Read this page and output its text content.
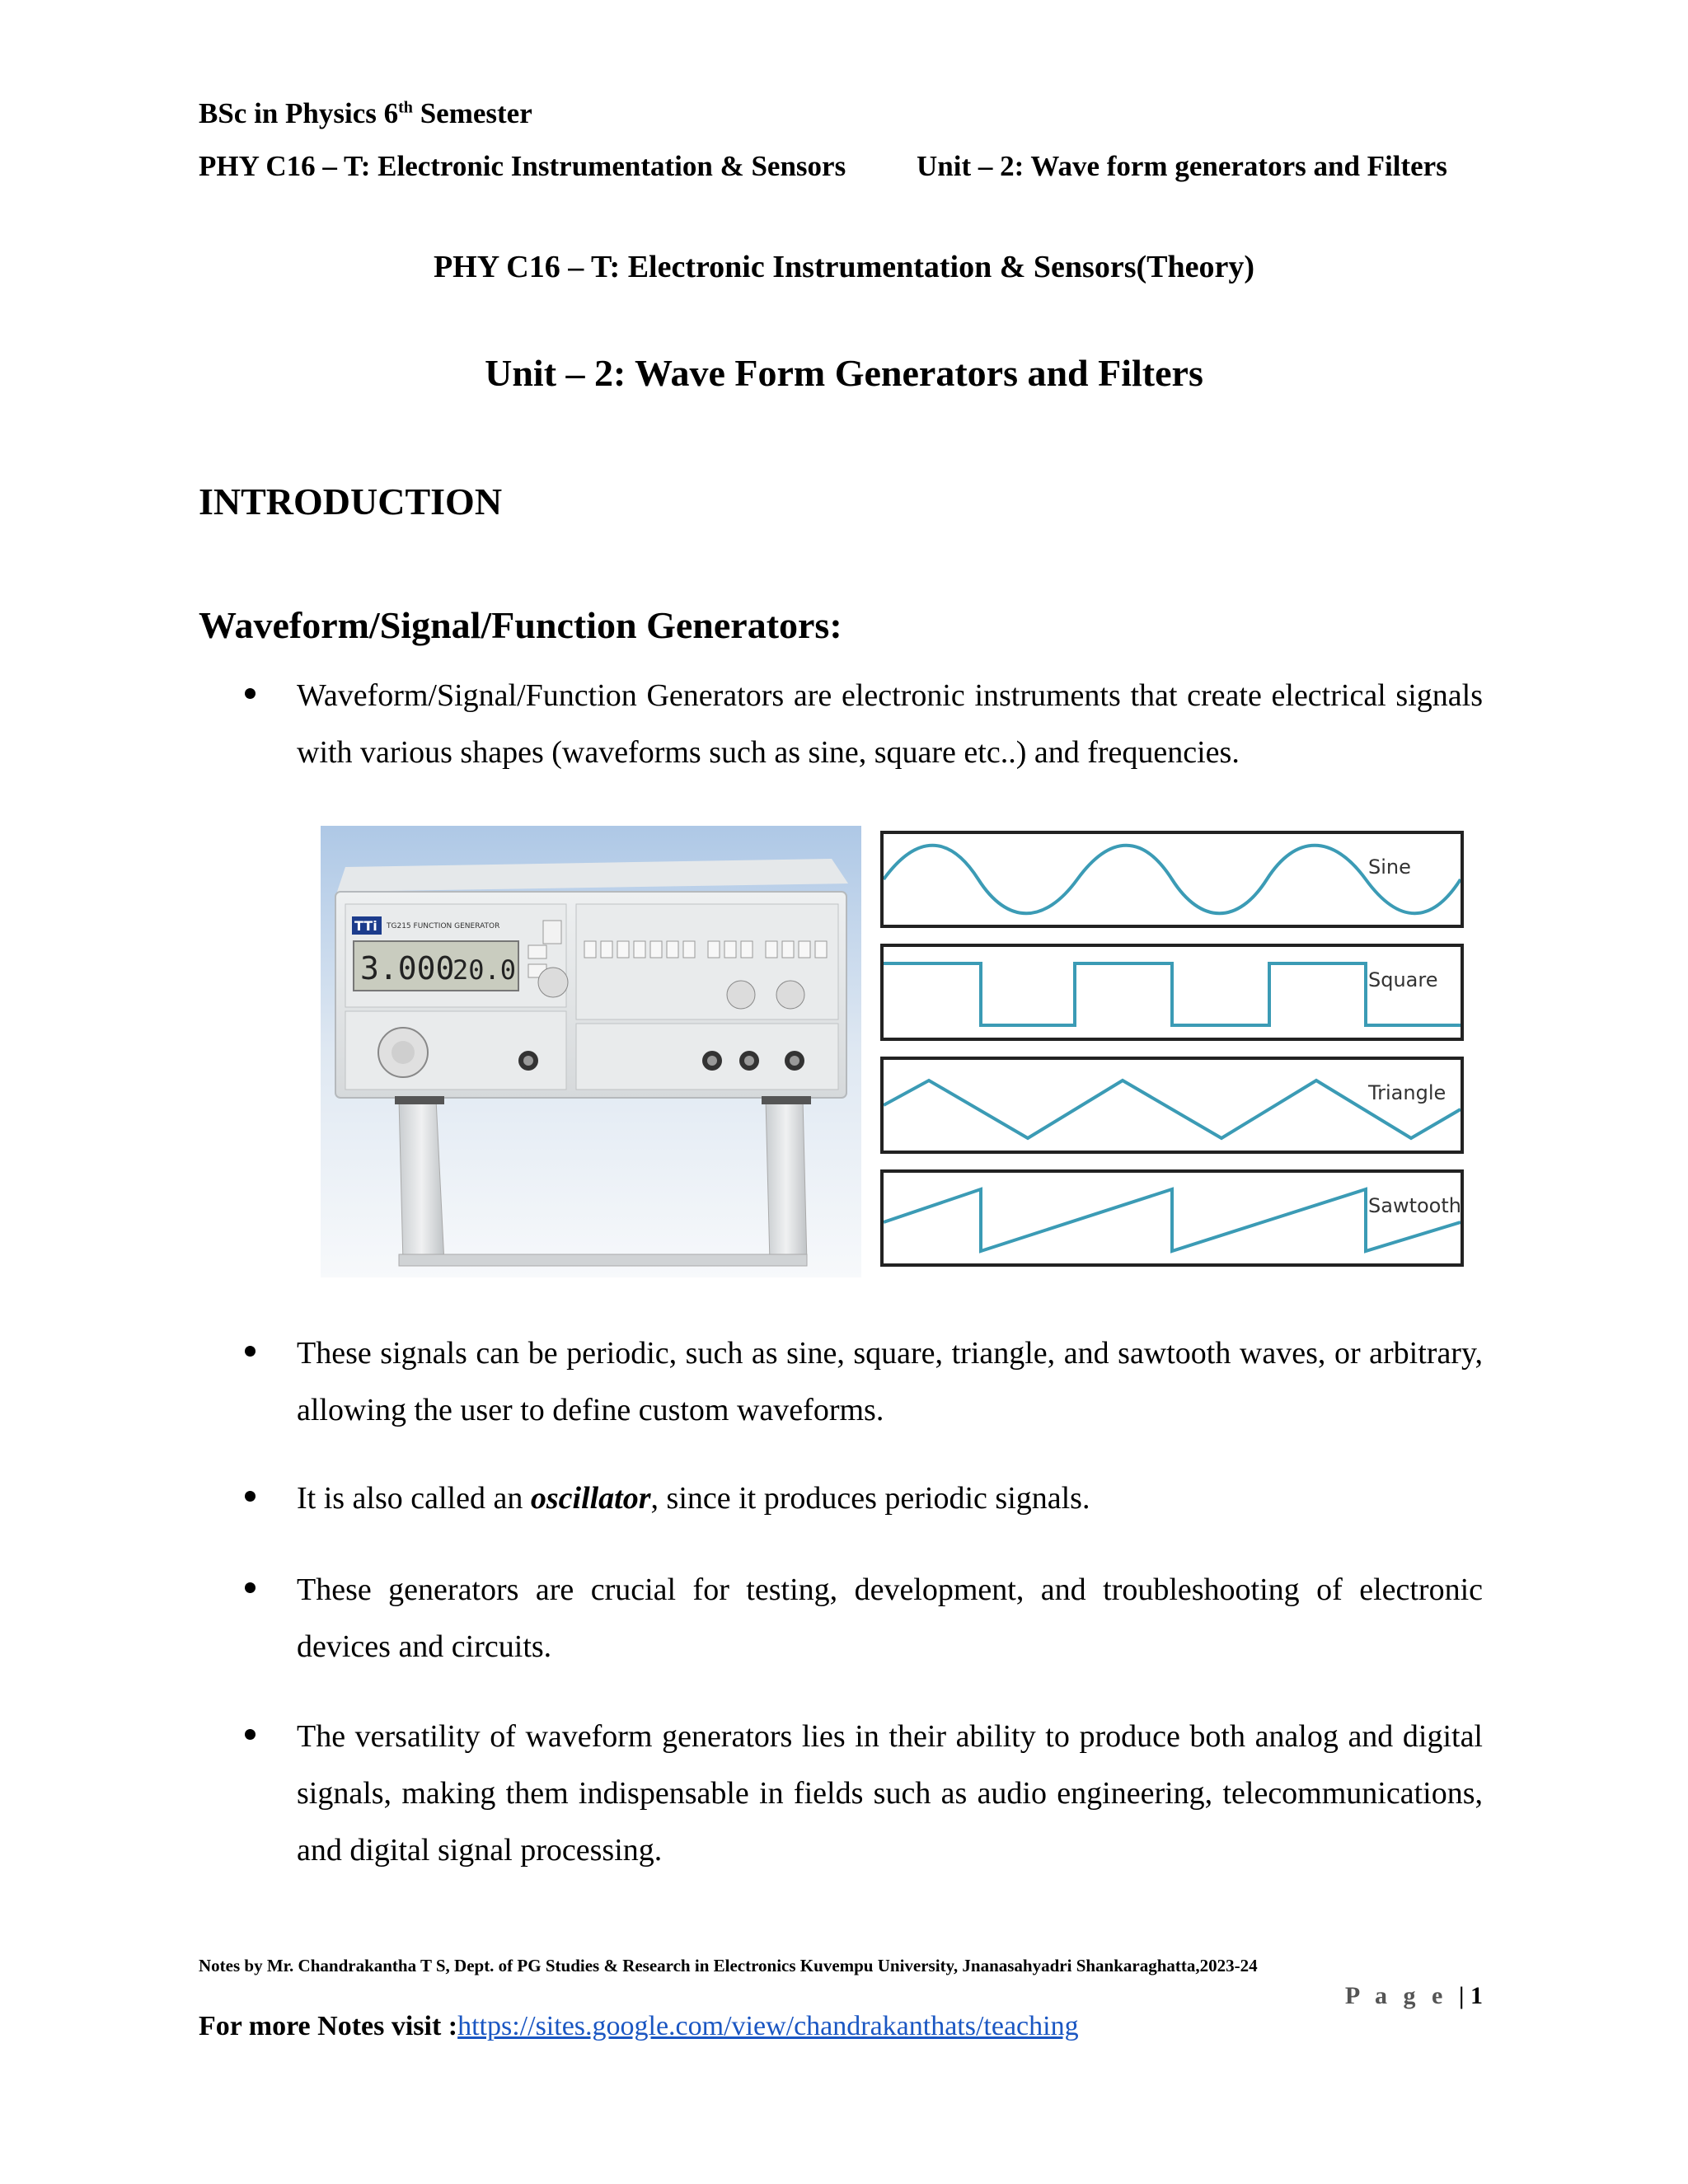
BSc in Physics 6th Semester
PHY C16 – T: Electronic Instrumentation & Sensors Unit – 2: Wave form generators and Filters
PHY C16 – T: Electronic Instrumentation & Sensors(Theory)
Unit – 2: Wave Form Generators and Filters
INTRODUCTION
Waveform/Signal/Function Generators:
Waveform/Signal/Function Generators are electronic instruments that create electrical signals with various shapes (waveforms such as sine, square etc..) and frequencies.
TTi TG215 FUNCTION GENERATOR
3.000
20.0
Sine
Square
Triangle
Sawtooth
These signals can be periodic, such as sine, square, triangle, and sawtooth waves, or arbitrary, allowing the user to define custom waveforms.
It is also called an oscillator, since it produces periodic signals.
These generators are crucial for testing, development, and troubleshooting of electronic devices and circuits.
The versatility of waveform generators lies in their ability to produce both analog and digital signals, making them indispensable in fields such as audio engineering, telecommunications, and digital signal processing.
Notes by Mr. Chandrakantha T S, Dept. of PG Studies & Research in Electronics Kuvempu University, Jnanasahyadri Shankaraghatta,2023-24
P a g e | 1
For more Notes visit :https://sites.google.com/view/chandrakanthats/teaching
